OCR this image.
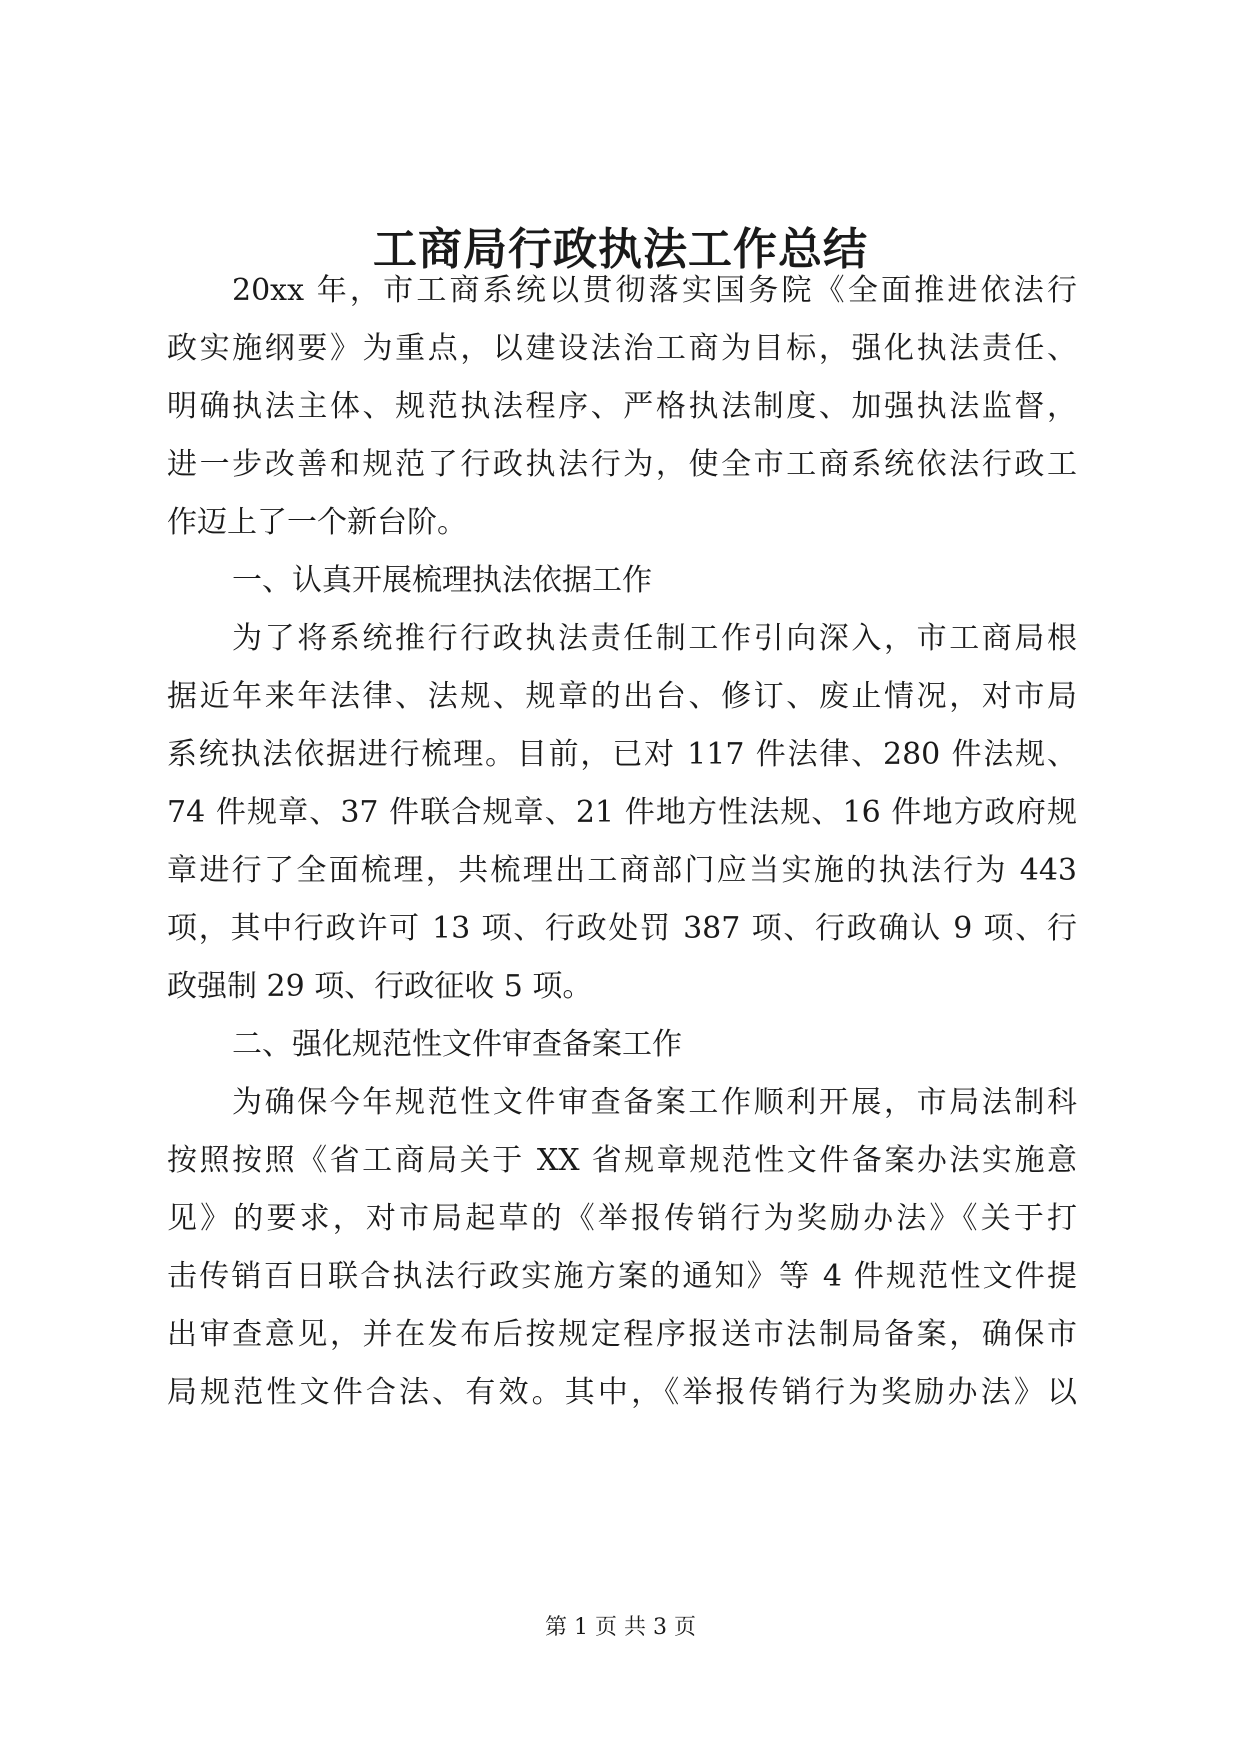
工商局行政执法工作总结

20xx 年，市工商系统以贯彻落实国务院《全面推进依法行

政实施纲要》为重点，以建设法治工商为目标，强化执法责任、

明确执法主体、规范执法程序、严格执法制度、加强执法监督，

进一步改善和规范了行政执法行为，使全市工商系统依法行政工

作迈上了一个新台阶。

一、认真开展梳理执法依据工作

为了将系统推行行政执法责任制工作引向深入，市工商局根

据近年来年法律、法规、规章的出台、修订、废止情况，对市局

系统执法依据进行梳理。目前，已对 117 件法律、280 件法规、

74 件规章、37 件联合规章、21 件地方性法规、16 件地方政府规

章进行了全面梳理，共梳理出工商部门应当实施的执法行为 443

项，其中行政许可 13 项、行政处罚 387 项、行政确认 9 项、行

政强制 29 项、行政征收 5 项。

二、强化规范性文件审查备案工作

为确保今年规范性文件审查备案工作顺利开展，市局法制科

按照按照《省工商局关于 XX 省规章规范性文件备案办法实施意

见》的要求，对市局起草的《举报传销行为奖励办法》《关于打

击传销百日联合执法行政实施方案的通知》等 4 件规范性文件提

出审查意见，并在发布后按规定程序报送市法制局备案，确保市

局规范性文件合法、有效。其中，《举报传销行为奖励办法》以

第 1 页 共 3 页
